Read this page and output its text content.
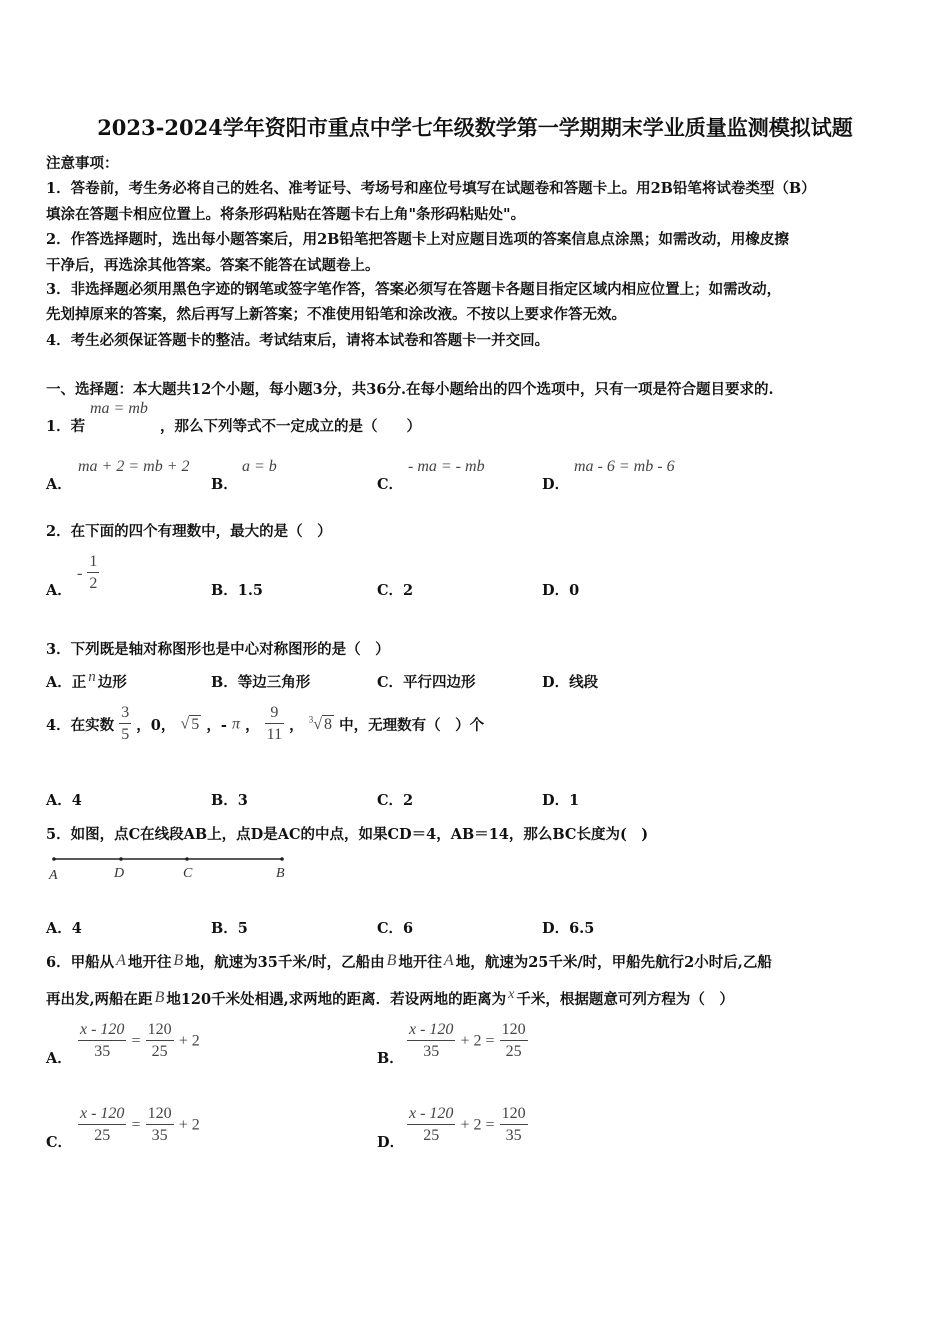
2023-2024学年资阳市重点中学七年级数学第一学期期末学业质量监测模拟试题
注意事项：
1．答卷前，考生务必将自己的姓名、准考证号、考场号和座位号填写在试题卷和答题卡上。用2B铅笔将试卷类型（B）
填涂在答题卡相应位置上。将条形码粘贴在答题卡右上角"条形码粘贴处"。
2．作答选择题时，选出每小题答案后，用2B铅笔把答题卡上对应题目选项的答案信息点涂黑；如需改动，用橡皮擦
干净后，再选涂其他答案。答案不能答在试题卷上。
3．非选择题必须用黑色字迹的钢笔或签字笔作答，答案必须写在答题卡各题目指定区域内相应位置上；如需改动，
先划掉原来的答案，然后再写上新答案；不准使用铅笔和涂改液。不按以上要求作答无效。
4．考生必须保证答题卡的整洁。考试结束后，请将本试卷和答题卡一并交回。
一、选择题：本大题共12个小题，每小题3分，共36分.在每小题给出的四个选项中，只有一项是符合题目要求的.
1．若
ma = mb
，那么下列等式不一定成立的是（　　）
A．
ma + 2 = mb + 2
B．
a = b
C．
- ma = - mb
D．
ma - 6 = mb - 6
2．在下面的四个有理数中，最大的是（　）
A．
- $\frac{1}{2}$	B．1.5	C．2	D．0
3．下列既是轴对称图形也是中心对称图形的是（　）
A．正 n 边形	B．等边三角形	C．平行四边形	D．线段
4．在实数 $\frac{3}{5}$ ，0， √ 5 ，- π ， $\frac{9}{11}$ ， $^3$√ 8 中，无理数有（　）个
A．4	B．3	C．2	D．1
5．如图，点C在线段AB上，点D是AC的中点，如果CD＝4，AB＝14，那么BC长度为(　)
A	D	C	B
A．4	B．5	C．6	D．6.5
6．甲船从 A 地开往 B 地，航速为35千米/时，乙船由 B 地开往 A 地，航速为25千米/时，甲船先航行2小时后,乙船
再出发,两船在距 B 地120千米处相遇,求两地的距离．若设两地的距离为 x 千米，根据题意可列方程为（　）
A． $\frac{x - 120}{35} = \frac{120}{25} + 2$
B． $\frac{x - 120}{35} + 2 = \frac{120}{25}$
C． $\frac{x - 120}{25} = \frac{120}{35} + 2$
D． $\frac{x - 120}{25} + 2 = \frac{120}{35}$
